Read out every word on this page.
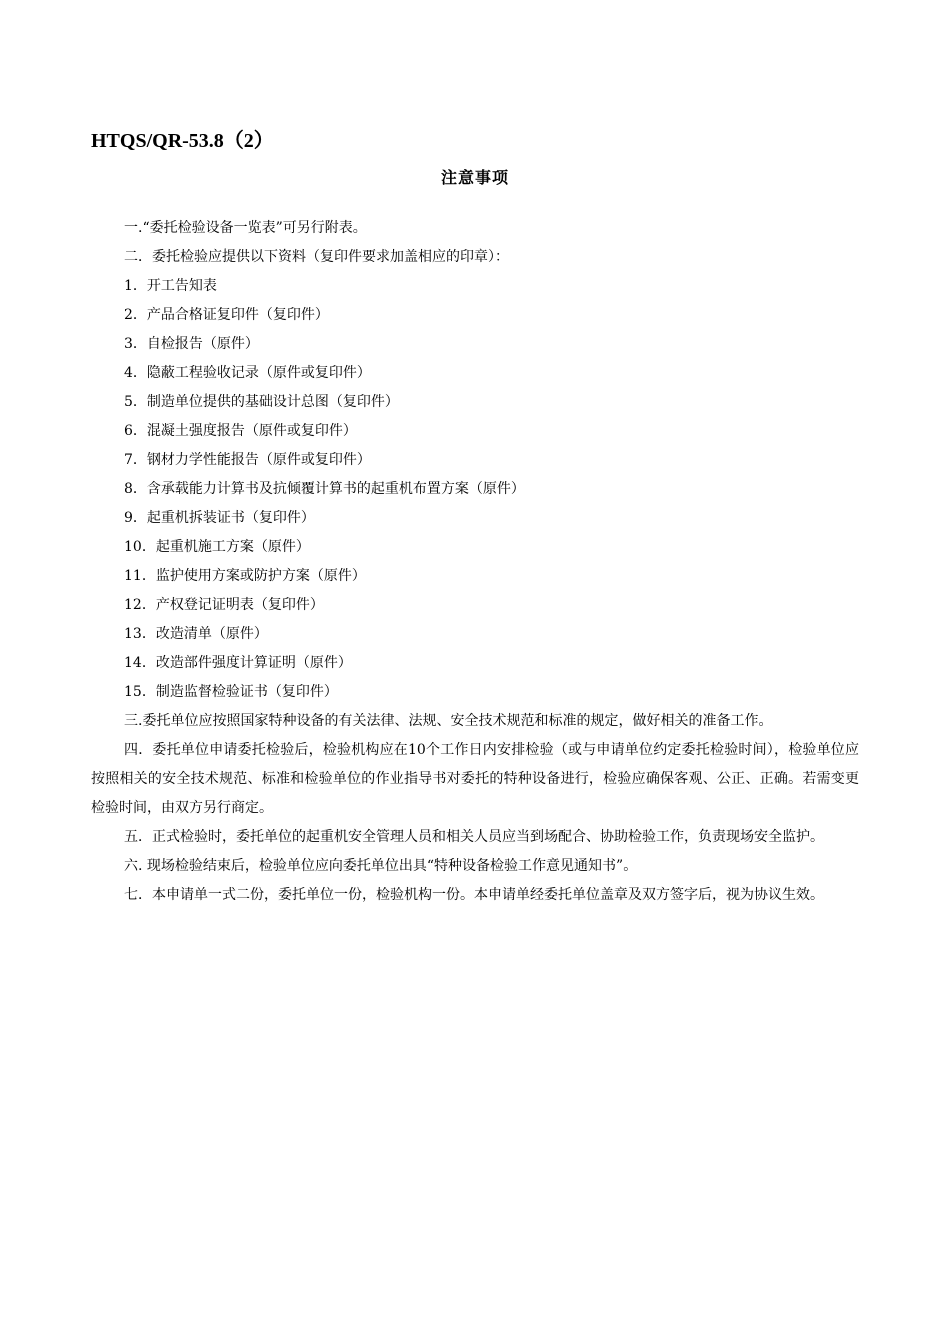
HTQS/QR-53.8（2）
注意事项
一.“委托检验设备一览表”可另行附表。
二．委托检验应提供以下资料（复印件要求加盖相应的印章）：
1．开工告知表
2．产品合格证复印件（复印件）
3．自检报告（原件）
4．隐蔽工程验收记录（原件或复印件）
5．制造单位提供的基础设计总图（复印件）
6．混凝土强度报告（原件或复印件）
7．钢材力学性能报告（原件或复印件）
8．含承载能力计算书及抗倾覆计算书的起重机布置方案（原件）
9．起重机拆装证书（复印件）
10．起重机施工方案（原件）
11．监护使用方案或防护方案（原件）
12．产权登记证明表（复印件）
13．改造清单（原件）
14．改造部件强度计算证明（原件）
15．制造监督检验证书（复印件）
三.委托单位应按照国家特种设备的有关法律、法规、安全技术规范和标准的规定，做好相关的准备工作。
四．委托单位申请委托检验后，检验机构应在10个工作日内安排检验（或与申请单位约定委托检验时间），检验单位应按照相关的安全技术规范、标准和检验单位的作业指导书对委托的特种设备进行，检验应确保客观、公正、正确。若需变更检验时间，由双方另行商定。
五．正式检验时，委托单位的起重机安全管理人员和相关人员应当到场配合、协助检验工作，负责现场安全监护。
六. 现场检验结束后，检验单位应向委托单位出具“特种设备检验工作意见通知书”。
七．本申请单一式二份，委托单位一份，检验机构一份。本申请单经委托单位盖章及双方签字后，视为协议生效。
